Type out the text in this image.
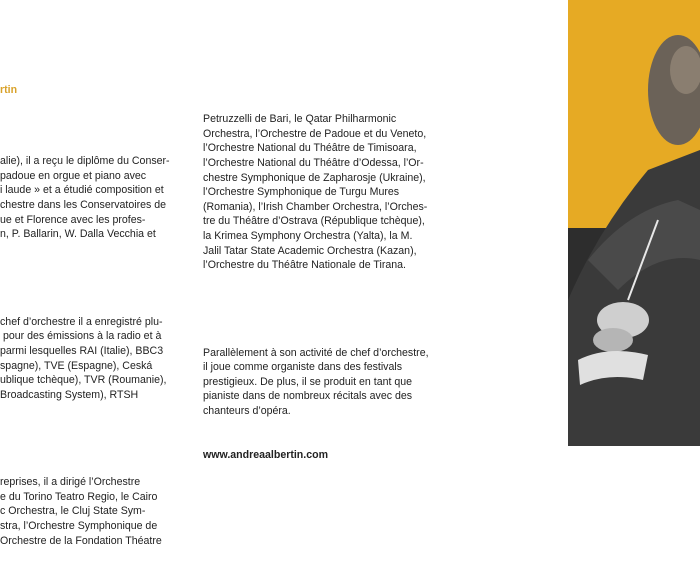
rtin

alie), il a reçu le diplôme du Conser-
padoue en orgue et piano avec
i laude » et a étudié composition et
chestre dans les Conservatoires de
ue et Florence avec les profes-
n, P. Ballarin, W. Dalla Vecchia et

chef d’orchestre il a enregistré plu-
pour des émissions à la radio et à
parmi lesquelles RAI (Italie), BBC3
spagne), TVE (Espagne), Ceská
ublique tchèque), TVR (Roumanie),
Broadcasting System), RTSH

reprises, il a dirigé l’Orchestre
e du Torino Teatro Regio, le Cairo
c Orchestra, le Cluj State Sym-
stra, l’Orchestre Symphonique de
Orchestre de la Fondation Théatre

Petruzzelli de Bari, le Qatar Philharmonic
Orchestra, l’Orchestre de Padoue et du Veneto,
l’Orchestre National du Théâtre de Timisoara,
l’Orchestre National du Théâtre d’Odessa, l’Or-
chestre Symphonique de Zapharosje (Ukraine),
l’Orchestre Symphonique de Turgu Mures
(Romania), l’Irish Chamber Orchestra, l’Orches-
tre du Théâtre d’Ostrava (République tchèque),
la Krimea Symphony Orchestra (Yalta), la M.
Jalil Tatar State Academic Orchestra (Kazan),
l’Orchestre du Théâtre Nationale de Tirana.

Parallèlement à son activité de chef d’orchestre,
il joue comme organiste dans des festivals
prestigieux. De plus, il se produit en tant que
pianiste dans de nombreux récitals avec des
chanteurs d’opéra.

www.andreaalbertin.com
